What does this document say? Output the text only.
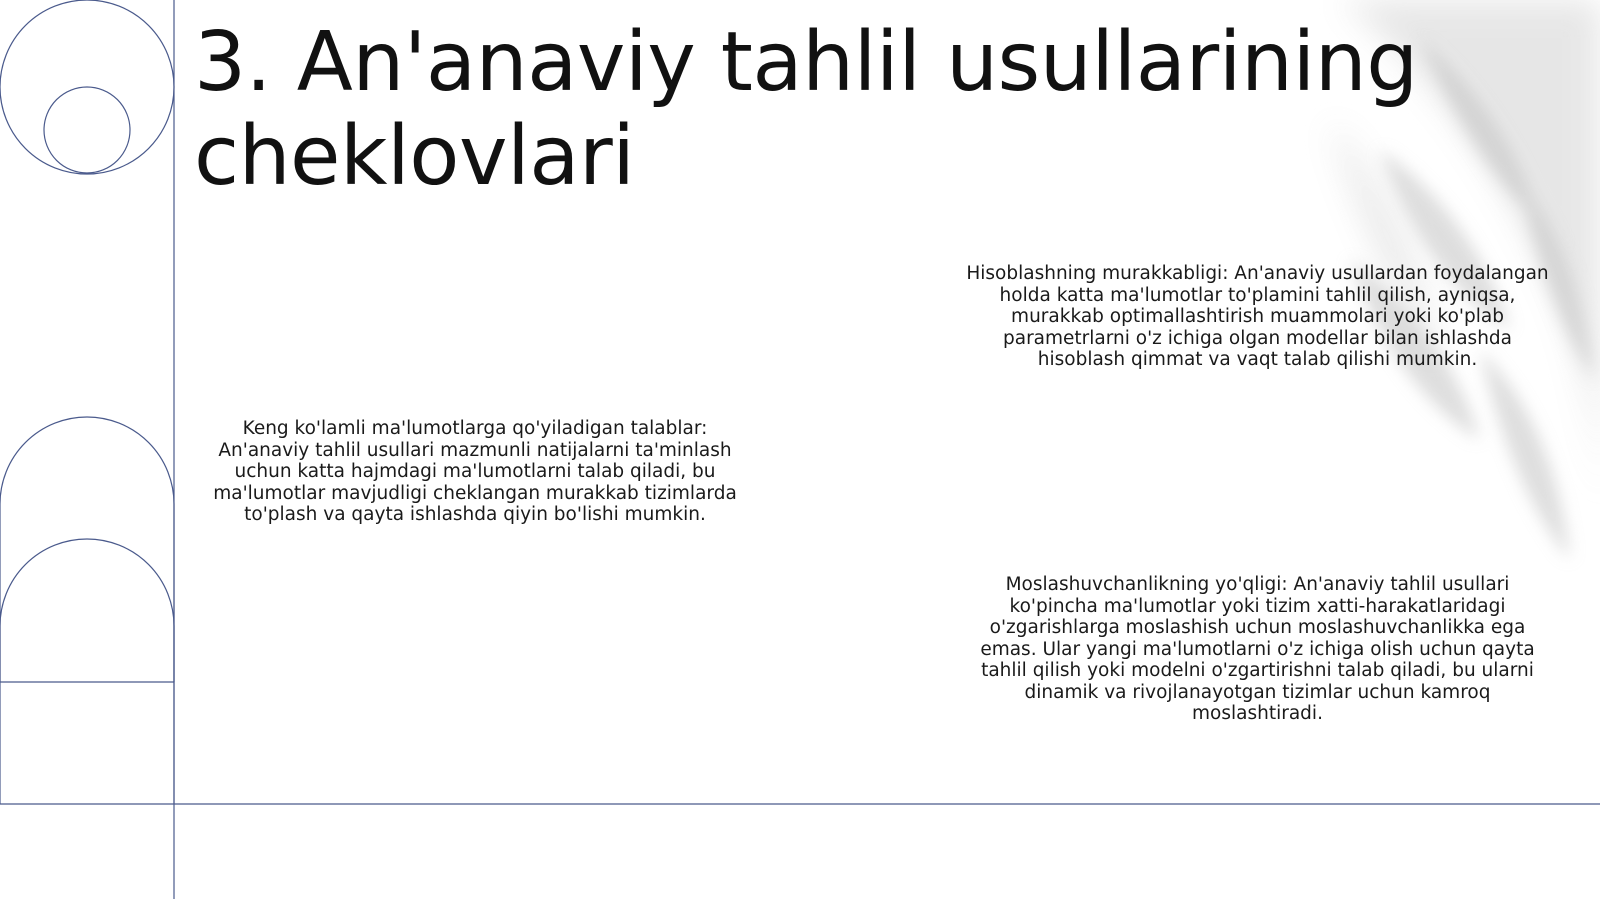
3. An'anaviy tahlil usullarining cheklovlari

Hisoblashning murakkabligi: An'anaviy usullardan foydalangan holda katta ma'lumotlar to'plamini tahlil qilish, ayniqsa, murakkab optimallashtirish muammolari yoki ko'plab parametrlarni o'z ichiga olgan modellar bilan ishlashda hisoblash qimmat va vaqt talab qilishi mumkin.

Keng ko'lamli ma'lumotlarga qo'yiladigan talablar: An'anaviy tahlil usullari mazmunli natijalarni ta'minlash uchun katta hajmdagi ma'lumotlarni talab qiladi, bu ma'lumotlar mavjudligi cheklangan murakkab tizimlarda to'plash va qayta ishlashda qiyin bo'lishi mumkin.

Moslashuvchanlikning yo'qligi: An'anaviy tahlil usullari ko'pincha ma'lumotlar yoki tizim xatti-harakatlaridagi o'zgarishlarga moslashish uchun moslashuvchanlikka ega emas. Ular yangi ma'lumotlarni o'z ichiga olish uchun qayta tahlil qilish yoki modelni o'zgartirishni talab qiladi, bu ularni dinamik va rivojlanayotgan tizimlar uchun kamroq moslashtiradi.
